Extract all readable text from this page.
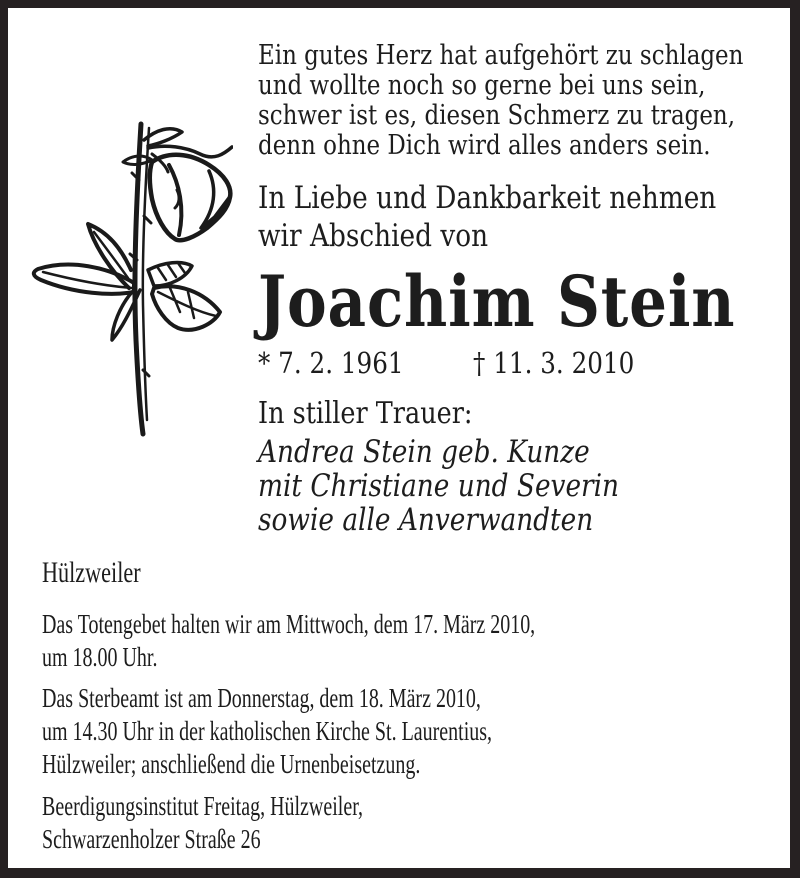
Ein gutes Herz hat aufgehört zu schlagen
und wollte noch so gerne bei uns sein,
schwer ist es, diesen Schmerz zu tragen,
denn ohne Dich wird alles anders sein.

In Liebe und Dankbarkeit nehmen
wir Abschied von

Joachim Stein

* 7. 2. 1961 † 11. 3. 2010

In stiller Trauer:

Andrea Stein geb. Kunze
mit Christiane und Severin
sowie alle Anverwandten

Hülzweiler

Das Totengebet halten wir am Mittwoch, dem 17. März 2010,
um 18.00 Uhr.

Das Sterbeamt ist am Donnerstag, dem 18. März 2010,
um 14.30 Uhr in der katholischen Kirche St. Laurentius,
Hülzweiler; anschließend die Urnenbeisetzung.

Beerdigungsinstitut Freitag, Hülzweiler,
Schwarzenholzer Straße 26
